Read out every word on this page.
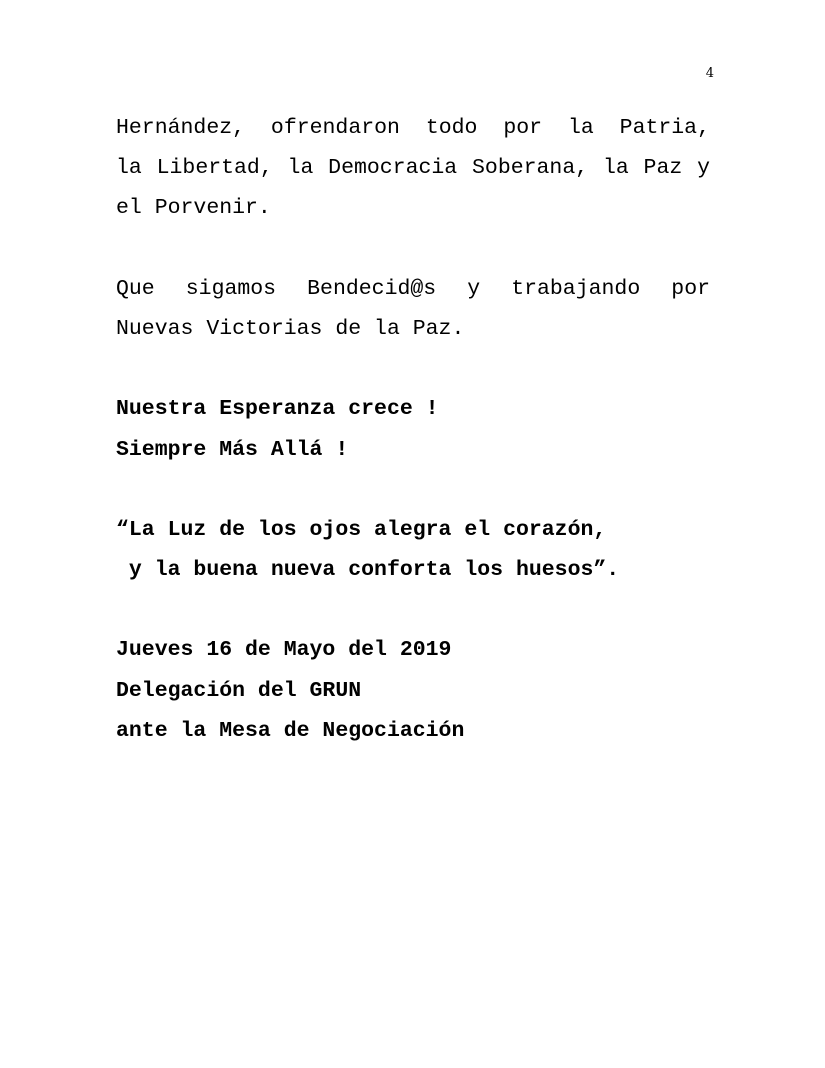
4
Hernández, ofrendaron todo por la Patria,
la Libertad, la Democracia Soberana, la Paz y
el Porvenir.
Que sigamos Bendecid@s y trabajando por
Nuevas Victorias de la Paz.
Nuestra Esperanza crece !
Siempre Más Allá !
“La Luz de los ojos alegra el corazón,
y la buena nueva conforta los huesos”.
Jueves 16 de Mayo del 2019
Delegación del GRUN
ante la Mesa de Negociación
